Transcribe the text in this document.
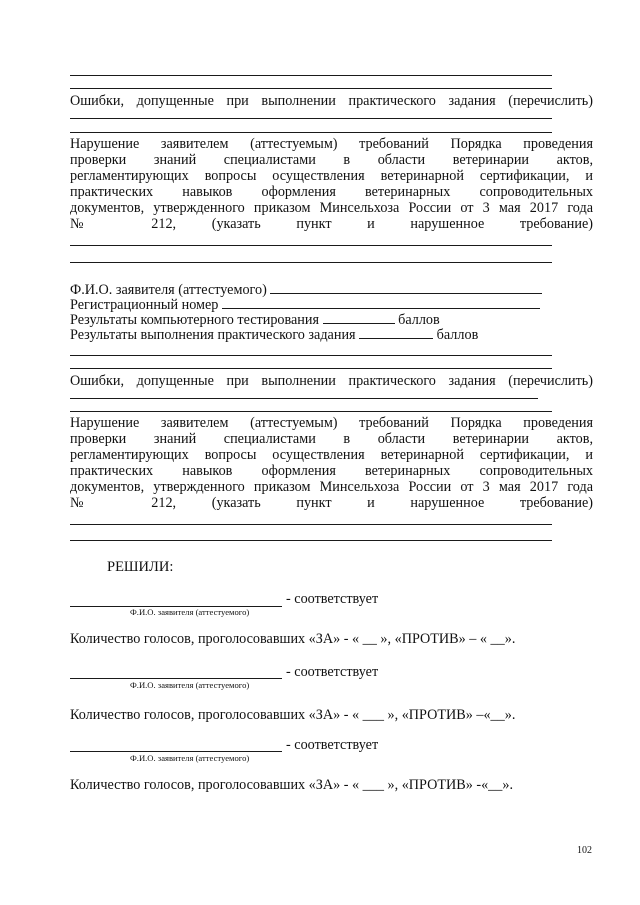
Ошибки, допущенные при выполнении практического задания (перечислить)
Нарушение заявителем (аттестуемым) требований Порядка проведения
проверки знаний специалистами в области ветеринарии актов,
регламентирующих вопросы осуществления ветеринарной сертификации, и
практических навыков оформления ветеринарных сопроводительных
документов, утвержденного приказом Минсельхоза России от 3 мая 2017 года
№ 212, (указать пункт и нарушенное требование)
Ф.И.О. заявителя (аттестуемого)
Регистрационный номер
Результаты компьютерного тестирования	баллов
Результаты выполнения практического задания	баллов
Ошибки, допущенные при выполнении практического задания (перечислить)
Нарушение заявителем (аттестуемым) требований Порядка проведения
проверки знаний специалистами в области ветеринарии актов,
регламентирующих вопросы осуществления ветеринарной сертификации, и
практических навыков оформления ветеринарных сопроводительных
документов, утвержденного приказом Минсельхоза России от 3 мая 2017 года
№ 212, (указать пункт и нарушенное требование)
РЕШИЛИ:
- соответствует
Ф.И.О. заявителя (аттестуемого)
Количество голосов, проголосовавших «ЗА» - « __ », «ПРОТИВ» – « __».
- соответствует
Ф.И.О. заявителя (аттестуемого)
Количество голосов, проголосовавших «ЗА» - « ___ », «ПРОТИВ» –«__».
- соответствует
Ф.И.О. заявителя (аттестуемого)
Количество голосов, проголосовавших «ЗА» - « ___ », «ПРОТИВ» -«__».
102
